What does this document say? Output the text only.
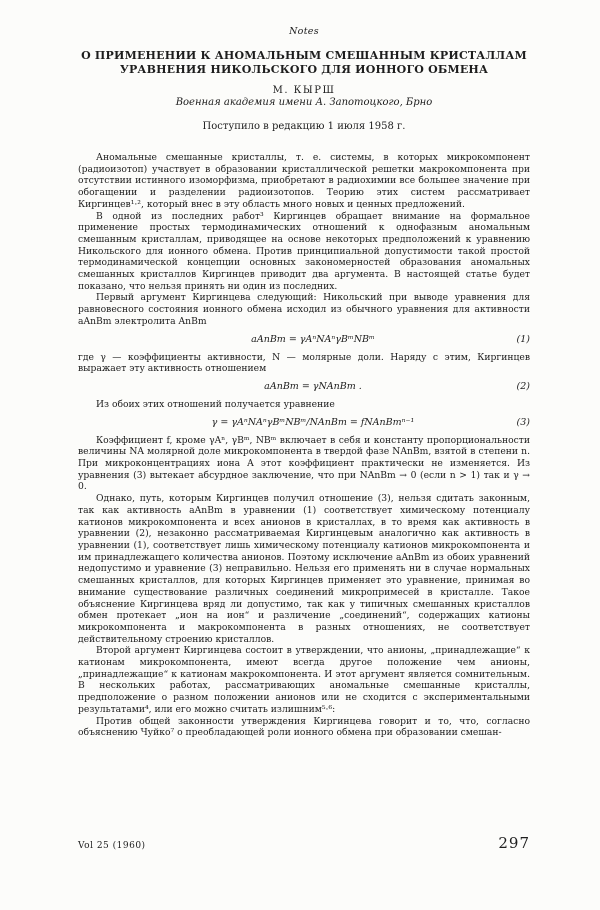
Notes
О ПРИМЕНЕНИИ К АНОМАЛЬНЫМ СМЕШАННЫМ КРИСТАЛЛАМ УРАВНЕНИЯ НИКОЛЬСКОГО ДЛЯ ИОННОГО ОБМЕНА
М. КЫРШ
Военная академия имени А. Запотоцкого, Брно
Поступило в редакцию 1 июля 1958 г.

Аномальные смешанные кристаллы, т. е. системы, в которых микрокомпонент (радиоизотоп) участвует в образовании кристаллической решетки макрокомпонента при отсутствии истинного изоморфизма, приобретают в радиохимии все большее значение при обогащении и разделении радиоизотопов. Теорию этих систем рассматривает Киргинцев¹·², который внес в эту область много новых и ценных предложений.

В одной из последних работ³ Киргинцев обращает внимание на формальное применение простых термодинамических отношений к однофазным аномальным смешанным кристаллам, приводящее на основе некоторых предположений к уравнению Никольского для ионного обмена. Против принципиальной допустимости такой простой термодинамической концепции основных закономерностей образования аномальных смешанных кристаллов Киргинцев приводит два аргумента. В настоящей статье будет показано, что нельзя принять ни один из последних.

Первый аргумент Киргинцева следующий: Никольский при выводе уравнения для равновесного состояния ионного обмена исходил из обычного уравнения для активности aAnBm электролита AnBm

aAnBm = γAⁿNAⁿγBᵐNBᵐ	(1)

где γ — коэффициенты активности, N — молярные доли. Наряду с этим, Киргинцев выражает эту активность отношением

aAnBm = γNAnBm .	(2)

Из обоих этих отношений получается уравнение

γ = γAⁿNAⁿγBᵐNBᵐ/NAnBm = fNAnBmⁿ⁻¹	(3)

Коэффициент f, кроме γAⁿ, γBᵐ, NBᵐ включает в себя и константу пропорциональности величины NA молярной доле микрокомпонента в твердой фазе NAnBm, взятой в степени n. При микроконцентрациях иона A этот коэффициент практически не изменяется. Из уравнения (3) вытекает абсурдное заключение, что при NAnBm → 0 (если n > 1) так и γ → 0.

Однако, путь, которым Киргинцев получил отношение (3), нельзя сдитать законным, так как активность aAnBm в уравнении (1) соответствует химическому потенциалу катионов микрокомпонента и всех анионов в кристаллах, в то время как активность в уравнении (2), незаконно рассматриваемая Киргинцевым аналогично как активность в уравнении (1), соответствует лишь химическому потенциалу катионов микрокомпонента и им принадлежащего количества анионов. Поэтому исключение aAnBm из обоих уравнений недопустимо и уравнение (3) неправильно. Нельзя его применять ни в случае нормальных смешанных кристаллов, для которых Киргинцев применяет это уравнение, принимая во внимание существование различных соединений микропримесей в кристалле. Такое объяснение Киргинцева вряд ли допустимо, так как у типичных смешанных кристаллов обмен протекает „ион на ион“ и различение „соединений“, содержащих катионы микрокомпонента и макрокомпонента в разных отношениях, не соответствует действительному строению кристаллов.

Второй аргумент Киргинцева состоит в утверждении, что анионы, „принадлежащие“ к катионам микрокомпонента, имеют всегда другое положение чем анионы, „принадлежащие“ к катионам макрокомпонента. И этот аргумент является сомнительным. В нескольких работах, рассматривающих аномальные смешанные кристаллы, предположение о разном положении анионов или не сходится с экспериментальными результатами⁴, или его можно считать излишним⁵·⁶:

Против общей законности утверждения Киргинцева говорит и то, что, согласно объяснению Чуйко⁷ о преобладающей роли ионного обмена при образовании смешан-

Vol 25 (1960)	297
